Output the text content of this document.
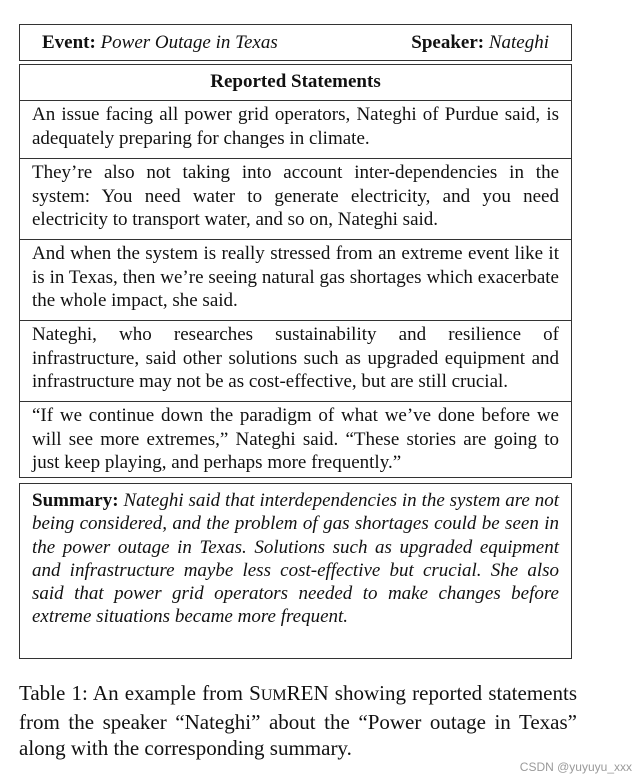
Event: Power Outage in Texas	Speaker: Nateghi
Reported Statements
An issue facing all power grid operators, Nateghi of Purdue said, is adequately preparing for changes in climate.
They’re also not taking into account inter-dependencies in the system: You need water to generate electricity, and you need electricity to transport water, and so on, Nateghi said.
And when the system is really stressed from an extreme event like it is in Texas, then we’re seeing natural gas shortages which exacerbate the whole impact, she said.
Nateghi, who researches sustainability and resilience of infrastructure, said other solutions such as upgraded equipment and infrastructure may not be as cost-effective, but are still crucial.
“If we continue down the paradigm of what we’ve done before we will see more extremes,” Nateghi said. “These stories are going to just keep playing, and perhaps more frequently.”
Summary: Nateghi said that interdependencies in the system are not being considered, and the problem of gas shortages could be seen in the power outage in Texas. Solutions such as upgraded equipment and infrastructure maybe less cost-effective but crucial. She also said that power grid operators needed to make changes before extreme situations became more frequent.
Table 1: An example from SUMREN showing reported statements from the speaker “Nateghi” about the “Power outage in Texas” along with the corresponding summary.
CSDN @yuyuyu_xxx
